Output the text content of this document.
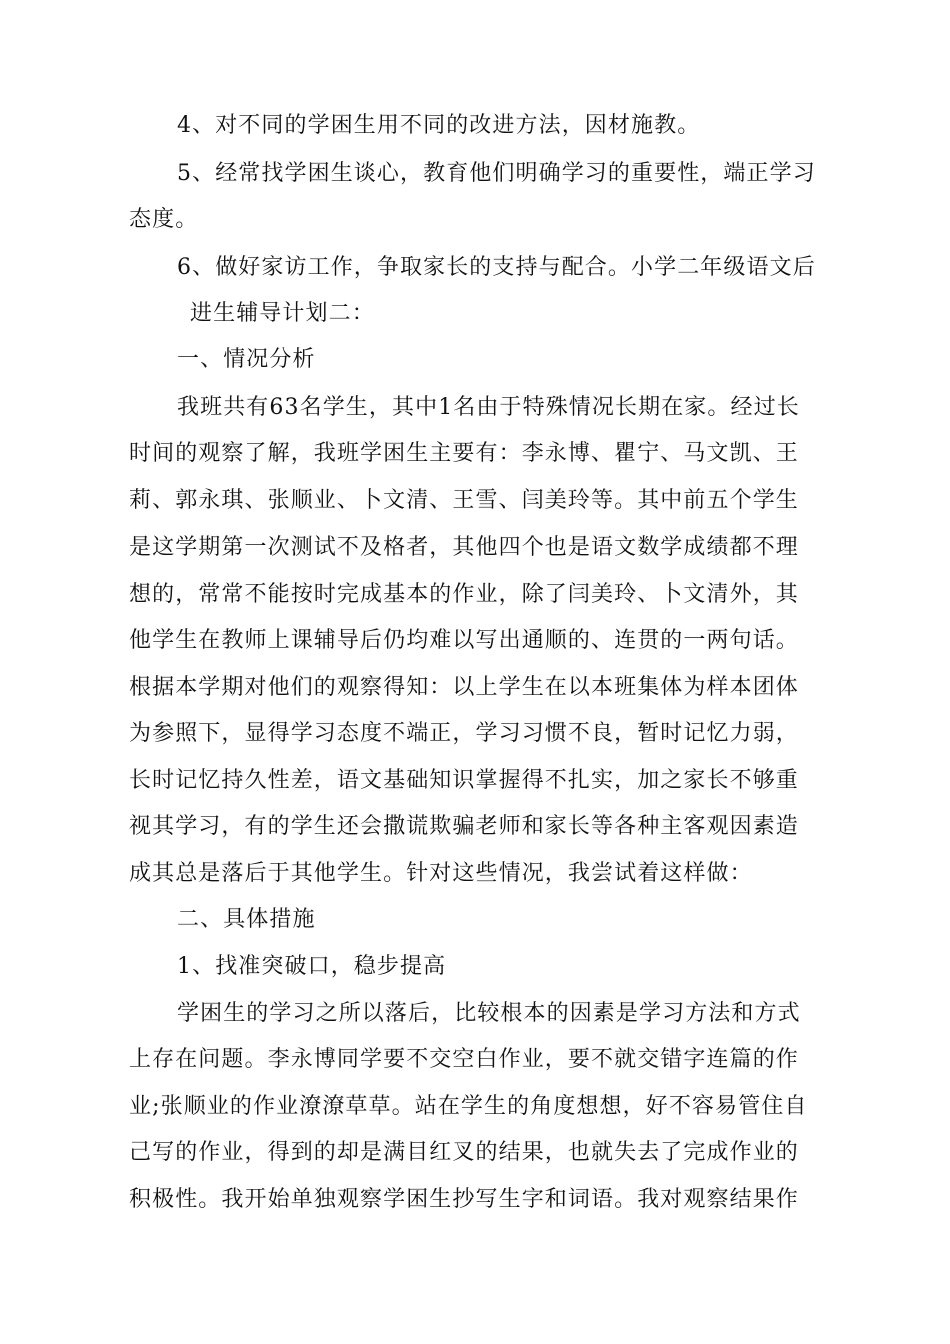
4、对不同的学困生用不同的改进方法，因材施教。
5、经常找学困生谈心，教育他们明确学习的重要性，端正学习
态度。
6、做好家访工作，争取家长的支持与配合。小学二年级语文后
进生辅导计划二：
一、情况分析
我班共有63名学生，其中1名由于特殊情况长期在家。经过长
时间的观察了解，我班学困生主要有：李永博、瞿宁、马文凯、王
莉、郭永琪、张顺业、卜文清、王雪、闫美玲等。其中前五个学生
是这学期第一次测试不及格者，其他四个也是语文数学成绩都不理
想的，常常不能按时完成基本的作业，除了闫美玲、卜文清外，其
他学生在教师上课辅导后仍均难以写出通顺的、连贯的一两句话。
根据本学期对他们的观察得知：以上学生在以本班集体为样本团体
为参照下，显得学习态度不端正，学习习惯不良，暂时记忆力弱，
长时记忆持久性差，语文基础知识掌握得不扎实，加之家长不够重
视其学习，有的学生还会撒谎欺骗老师和家长等各种主客观因素造
成其总是落后于其他学生。针对这些情况，我尝试着这样做：
二、具体措施
1、找准突破口，稳步提高
学困生的学习之所以落后，比较根本的因素是学习方法和方式
上存在问题。李永博同学要不交空白作业，要不就交错字连篇的作
业;张顺业的作业潦潦草草。站在学生的角度想想，好不容易管住自
己写的作业，得到的却是满目红叉的结果，也就失去了完成作业的
积极性。我开始单独观察学困生抄写生字和词语。我对观察结果作
